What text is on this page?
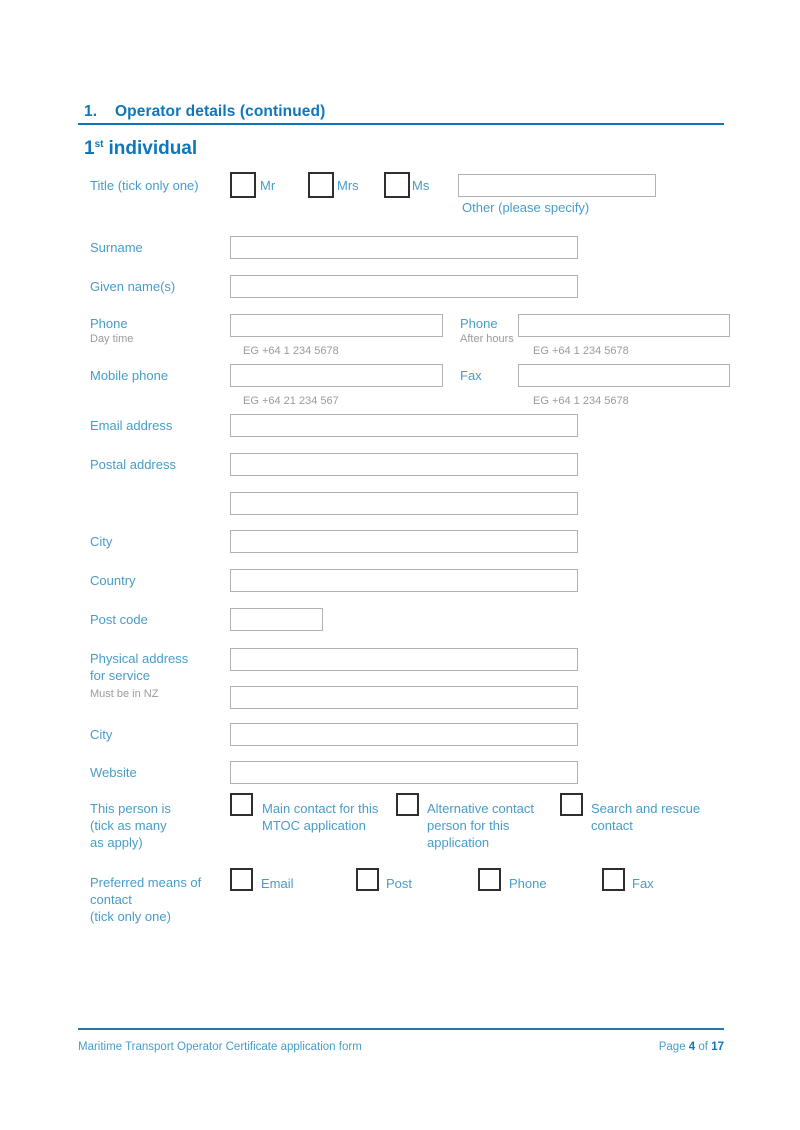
1. Operator details (continued)
1st individual
Title (tick only one)	Mr	Mrs	Ms
Other (please specify)
Surname
Given name(s)
Phone
Day time
EG +64 1 234 5678
Phone
After hours
EG +64 1 234 5678
Mobile phone
EG +64 21 234 567
Fax
EG +64 1 234 5678
Email address
Postal address
City
Country
Post code
Physical address
for service
Must be in NZ
City
Website
This person is
(tick as many
as apply)
Main contact for this MTOC application
Alternative contact person for this application
Search and rescue contact
Preferred means of
contact
(tick only one)
Email	Post	Phone	Fax
Maritime Transport Operator Certificate application form	Page 4 of 17
